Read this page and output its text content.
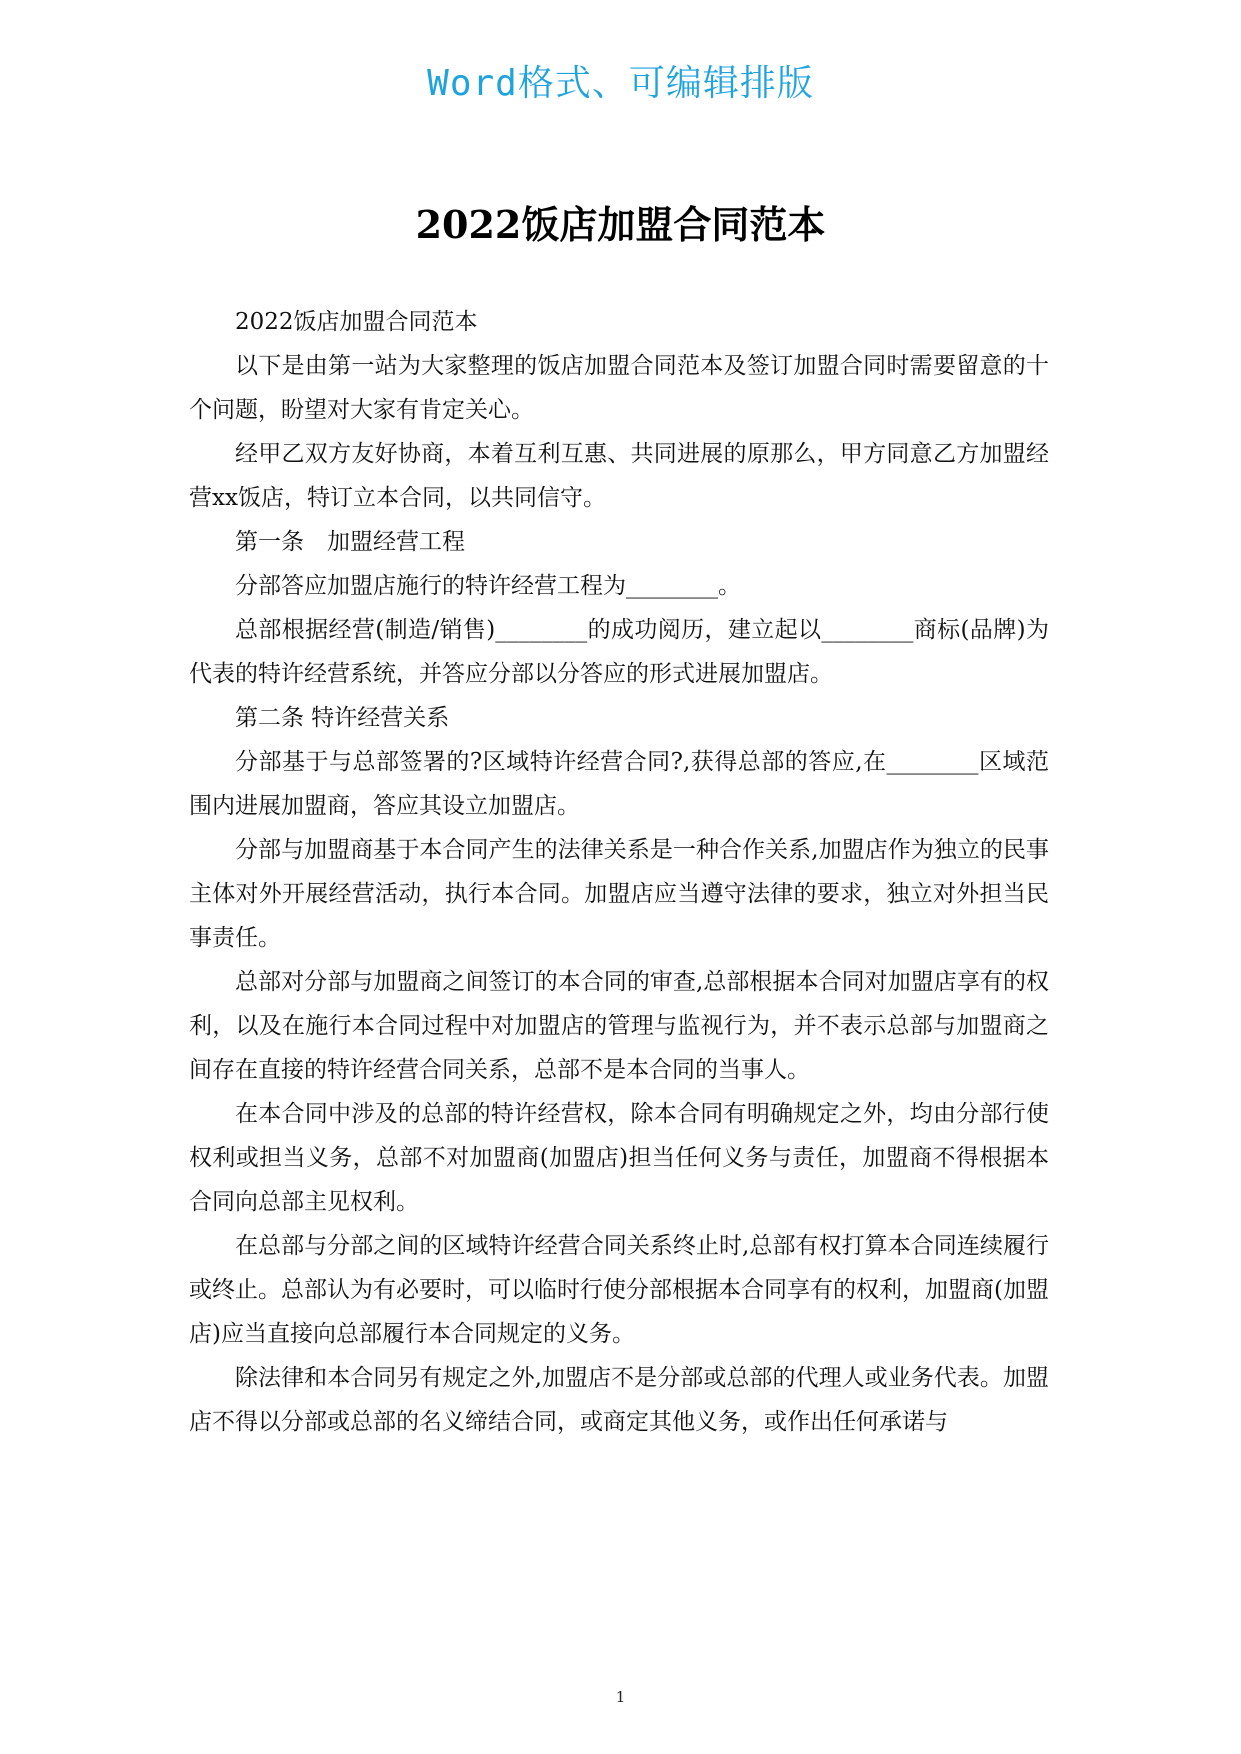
Word格式、可编辑排版
2022饭店加盟合同范本

2022饭店加盟合同范本

以下是由第一站为大家整理的饭店加盟合同范本及签订加盟合同时需要留意的十个问题，盼望对大家有肯定关心。

经甲乙双方友好协商，本着互利互惠、共同进展的原那么，甲方同意乙方加盟经营xx饭店，特订立本合同，以共同信守。

第一条　加盟经营工程

分部答应加盟店施行的特许经营工程为________。

总部根据经营(制造/销售)________的成功阅历，建立起以________商标(品牌)为代表的特许经营系统，并答应分部以分答应的形式进展加盟店。

第二条 特许经营关系

分部基于与总部签署的?区域特许经营合同?,获得总部的答应,在________区域范围内进展加盟商，答应其设立加盟店。

分部与加盟商基于本合同产生的法律关系是一种合作关系,加盟店作为独立的民事主体对外开展经营活动，执行本合同。加盟店应当遵守法律的要求，独立对外担当民事责任。

总部对分部与加盟商之间签订的本合同的审查,总部根据本合同对加盟店享有的权利，以及在施行本合同过程中对加盟店的管理与监视行为，并不表示总部与加盟商之间存在直接的特许经营合同关系，总部不是本合同的当事人。

在本合同中涉及的总部的特许经营权，除本合同有明确规定之外，均由分部行使权利或担当义务，总部不对加盟商(加盟店)担当任何义务与责任，加盟商不得根据本合同向总部主见权利。

在总部与分部之间的区域特许经营合同关系终止时,总部有权打算本合同连续履行或终止。总部认为有必要时，可以临时行使分部根据本合同享有的权利，加盟商(加盟店)应当直接向总部履行本合同规定的义务。

除法律和本合同另有规定之外,加盟店不是分部或总部的代理人或业务代表。加盟店不得以分部或总部的名义缔结合同，或商定其他义务，或作出任何承诺与

1
